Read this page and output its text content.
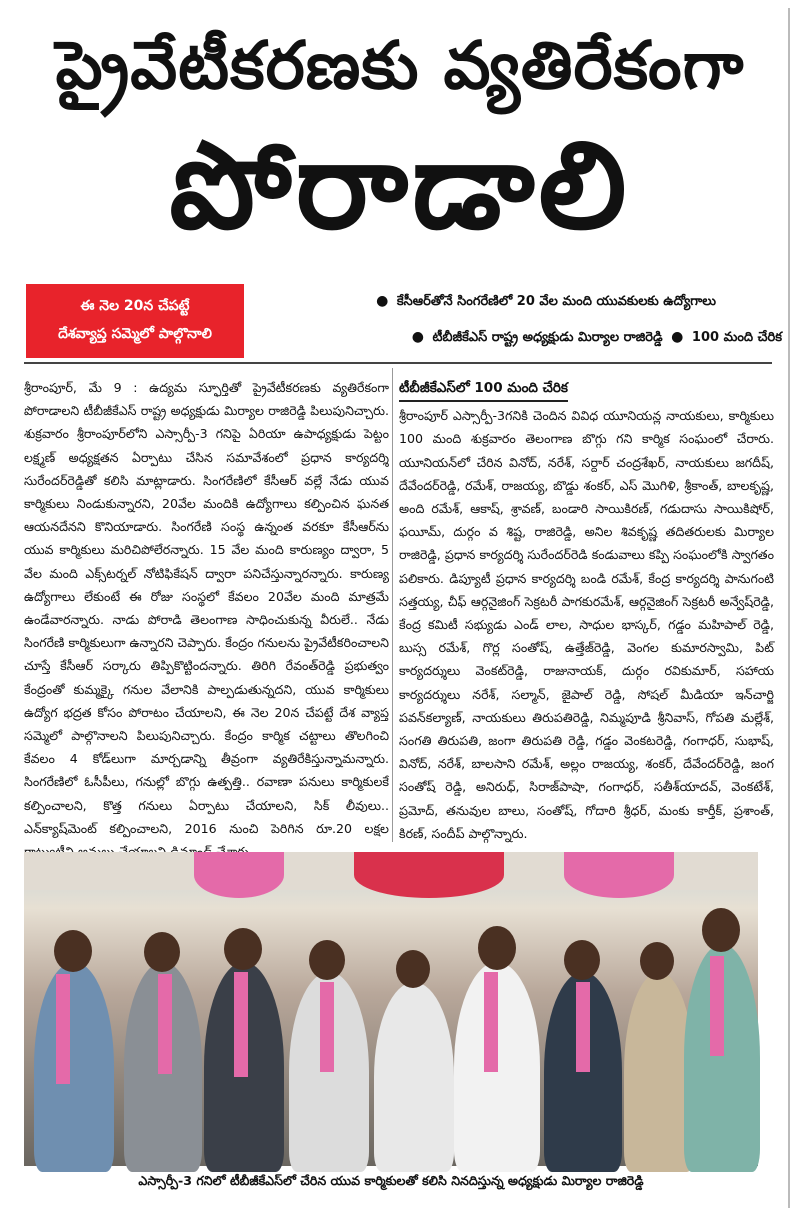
ప్రైవేటీకరణకు వ్యతిరేకంగా
పోరాడాలి
ఈ నెల 20న చేపట్టే
దేశవ్యాప్త సమ్మెలో పాల్గొనాలి
● కేసీఆర్‌తోనే సింగరేణిలో 20 వేల మంది యువకులకు ఉద్యోగాలు
● టీబీజీకేఎస్‌ రాష్ట్ర అధ్యక్షుడు మిర్యాల రాజిరెడ్డి ● 100 మంది చేరిక
శ్రీరాంపూర్‌, మే 9 : ఉద్యమ స్ఫూర్తితో ప్రైవేటీకరణకు వ్యతిరేకంగా పోరాడాలని టీబీజీకేఎస్‌ రాష్ట్ర అధ్యక్షుడు మిర్యాల రాజిరెడ్డి పిలుపునిచ్చారు. శుక్రవారం శ్రీరాంపూర్‌లోని ఎస్సార్పీ-3 గనిపై ఏరియా ఉపాధ్యక్షుడు పెట్టం లక్ష్మణ్‌ అధ్యక్షతన ఏర్పాటు చేసిన సమావేశంలో ప్రధాన కార్యదర్శి సురేందర్‌రెడ్డితో కలిసి మాట్లాడారు. సింగరేణిలో కేసీఆర్‌ వల్లే నేడు యువ కార్మికులు నిండుకున్నారని, 20వేల మందికి ఉద్యోగాలు కల్పించిన ఘనత ఆయనదేనని కొనియాడారు. సింగరేణి సంస్థ ఉన్నంత వరకూ కేసీఆర్‌ను యువ కార్మికులు మరిచిపోలేరన్నారు. 15 వేల మంది కారుణ్యం ద్వారా, 5 వేల మంది ఎక్స్‌టర్నల్‌ నోటిఫికేషన్‌ ద్వారా పనిచేస్తున్నారన్నారు. కారుణ్య ఉద్యోగాలు లేకుంటే ఈ రోజు సంస్థలో కేవలం 20వేల మంది మాత్రమే ఉండేవారన్నారు. నాడు పోరాడి తెలంగాణ సాధించుకున్న వీరులే.. నేడు సింగరేణి కార్మికులుగా ఉన్నారని చెప్పారు. కేంద్రం గనులను ప్రైవేటీకరించాలని చూస్తే కేసీఆర్‌ సర్కారు తిప్పికొట్టిందన్నారు. తిరిగి రేవంత్‌రెడ్డి ప్రభుత్వం కేంద్రంతో కుమ్మక్కై గనుల వేలానికి పాల్పడుతున్నదని, యువ కార్మికులు ఉద్యోగ భద్రత కోసం పోరాటం చేయాలని, ఈ నెల 20న చేపట్టే దేశ వ్యాప్త సమ్మెలో పాల్గొనాలని పిలుపునిచ్చారు. కేంద్రం కార్మిక చట్టాలు తొలగించి కేవలం 4 కోడ్‌లుగా మార్చడాన్ని తీవ్రంగా వ్యతిరేకిస్తున్నామన్నారు. సింగరేణిలో ఓసీపీలు, గనుల్లో బొగ్గు ఉత్పత్తి.. రవాణా పనులు కార్మికులకే కల్పించాలని, కొత్త గనులు ఏర్పాటు చేయాలని, సిక్‌ లీవులు.. ఎన్‌క్యాష్‌మెంట్‌ కల్పించాలని, 2016 నుంచి పెరిగిన రూ.20 లక్షల
టీబీజీకేఎస్‌లో 100 మంది చేరిక
శ్రీరాంపూర్‌ ఎస్సార్పీ-3గనికి చెందిన వివిధ యూనియన్ల నాయకులు, కార్మికులు 100 మంది శుక్రవారం తెలంగాణ బొగ్గు గని కార్మిక సంఘంలో చేరారు. యూనియన్‌లో చేరిన వినోద్‌, నరేశ్‌, సర్దార్‌ చంద్రశేఖర్‌, నాయకులు జగదీష్‌, దేవేందర్‌రెడ్డి, రమేశ్‌, రాజయ్య, బొడ్డు శంకర్‌, ఎస్‌ మొగిళి, శ్రీకాంత్‌, బాలకృష్ణ, అంది రమేశ్‌, ఆకాష్‌, శ్రావణ్‌, బండారి సాయికిరణ్‌, గడుదాసు సాయికిషోర్‌, ఫయీమ్‌, దుర్గం వ శిష్ట, రాజిరెడ్డి, అనిల శివకృష్ణ తదితరులకు మిర్యాల రాజిరెడ్డి, ప్రధాన కార్యదర్శి సురేందర్‌రెడి కండువాలు కప్పి సంఘంలోకి స్వాగతం పలికారు. డిప్యూటీ ప్రధాన కార్యదర్శి బండి రమేశ్‌, కేంద్ర కార్యదర్శి పానుగంటి సత్తయ్య, చీఫ్‌ ఆర్గనైజింగ్‌ సెక్రటరీ పాగకురమేశ్‌, ఆర్గనైజింగ్‌ సెక్రటరీ అన్వేష్‌రెడ్డి, కేంద్ర కమిటీ సభ్యుడు ఎండ్‌ లాల, సాధుల భాస్కర్‌, గడ్డం మహిపాల్‌ రెడ్డి, బుస్స రమేశ్‌, గొర్ల సంతోష్‌, ఉత్తేజ్‌రెడ్డి, వెంగల కుమారస్వామి, పిట్‌ కార్యదర్శులు వెంకట్‌రెడ్డి, రాజునాయక్‌, దుర్గం రవికుమార్‌, సహాయ కార్యదర్శులు నరేశ్‌, సల్మాన్‌, జైపాల్‌ రెడ్డి, సోషల్‌ మీడియా ఇన్‌చార్జి పవన్‌కల్యాణ్‌, నాయకులు తిరుపతిరెడ్డి, నిమ్మపూడి శ్రీనివాస్‌, గోపతి మల్లేశ్‌, సంగతి తిరుపతి, జంగా తిరుపతి రెడ్డి, గడ్డం వెంకటరెడ్డి, గంగాధర్‌, సుభాష్‌, వినోద్‌, నరేశ్‌, బాలసాని రమేశ్‌, అల్లం రాజయ్య, శంకర్‌, దేవేందర్‌రెడ్డి, జంగ సంతోష్‌ రెడ్డి, అనిరుధ్‌, సిరాజ్‌పాషా, గంగాధర్‌, సతీశ్‌యాదవ్‌, వెంకటేశ్‌, ప్రమోద్‌, తనువుల బాలు, సంతోష్‌, గోదారి శ్రీధర్‌, మంకు కార్తీక్‌, ప్రశాంత్‌, కిరణ్‌, సందీప్‌ పాల్గొన్నారు.
ఎస్సార్పీ-3 గనిలో టీబీజీకేఎస్‌లో చేరిన యువ కార్మికులతో కలిసి నినదిస్తున్న అధ్యక్షుడు మిర్యాల రాజిరెడ్డి
